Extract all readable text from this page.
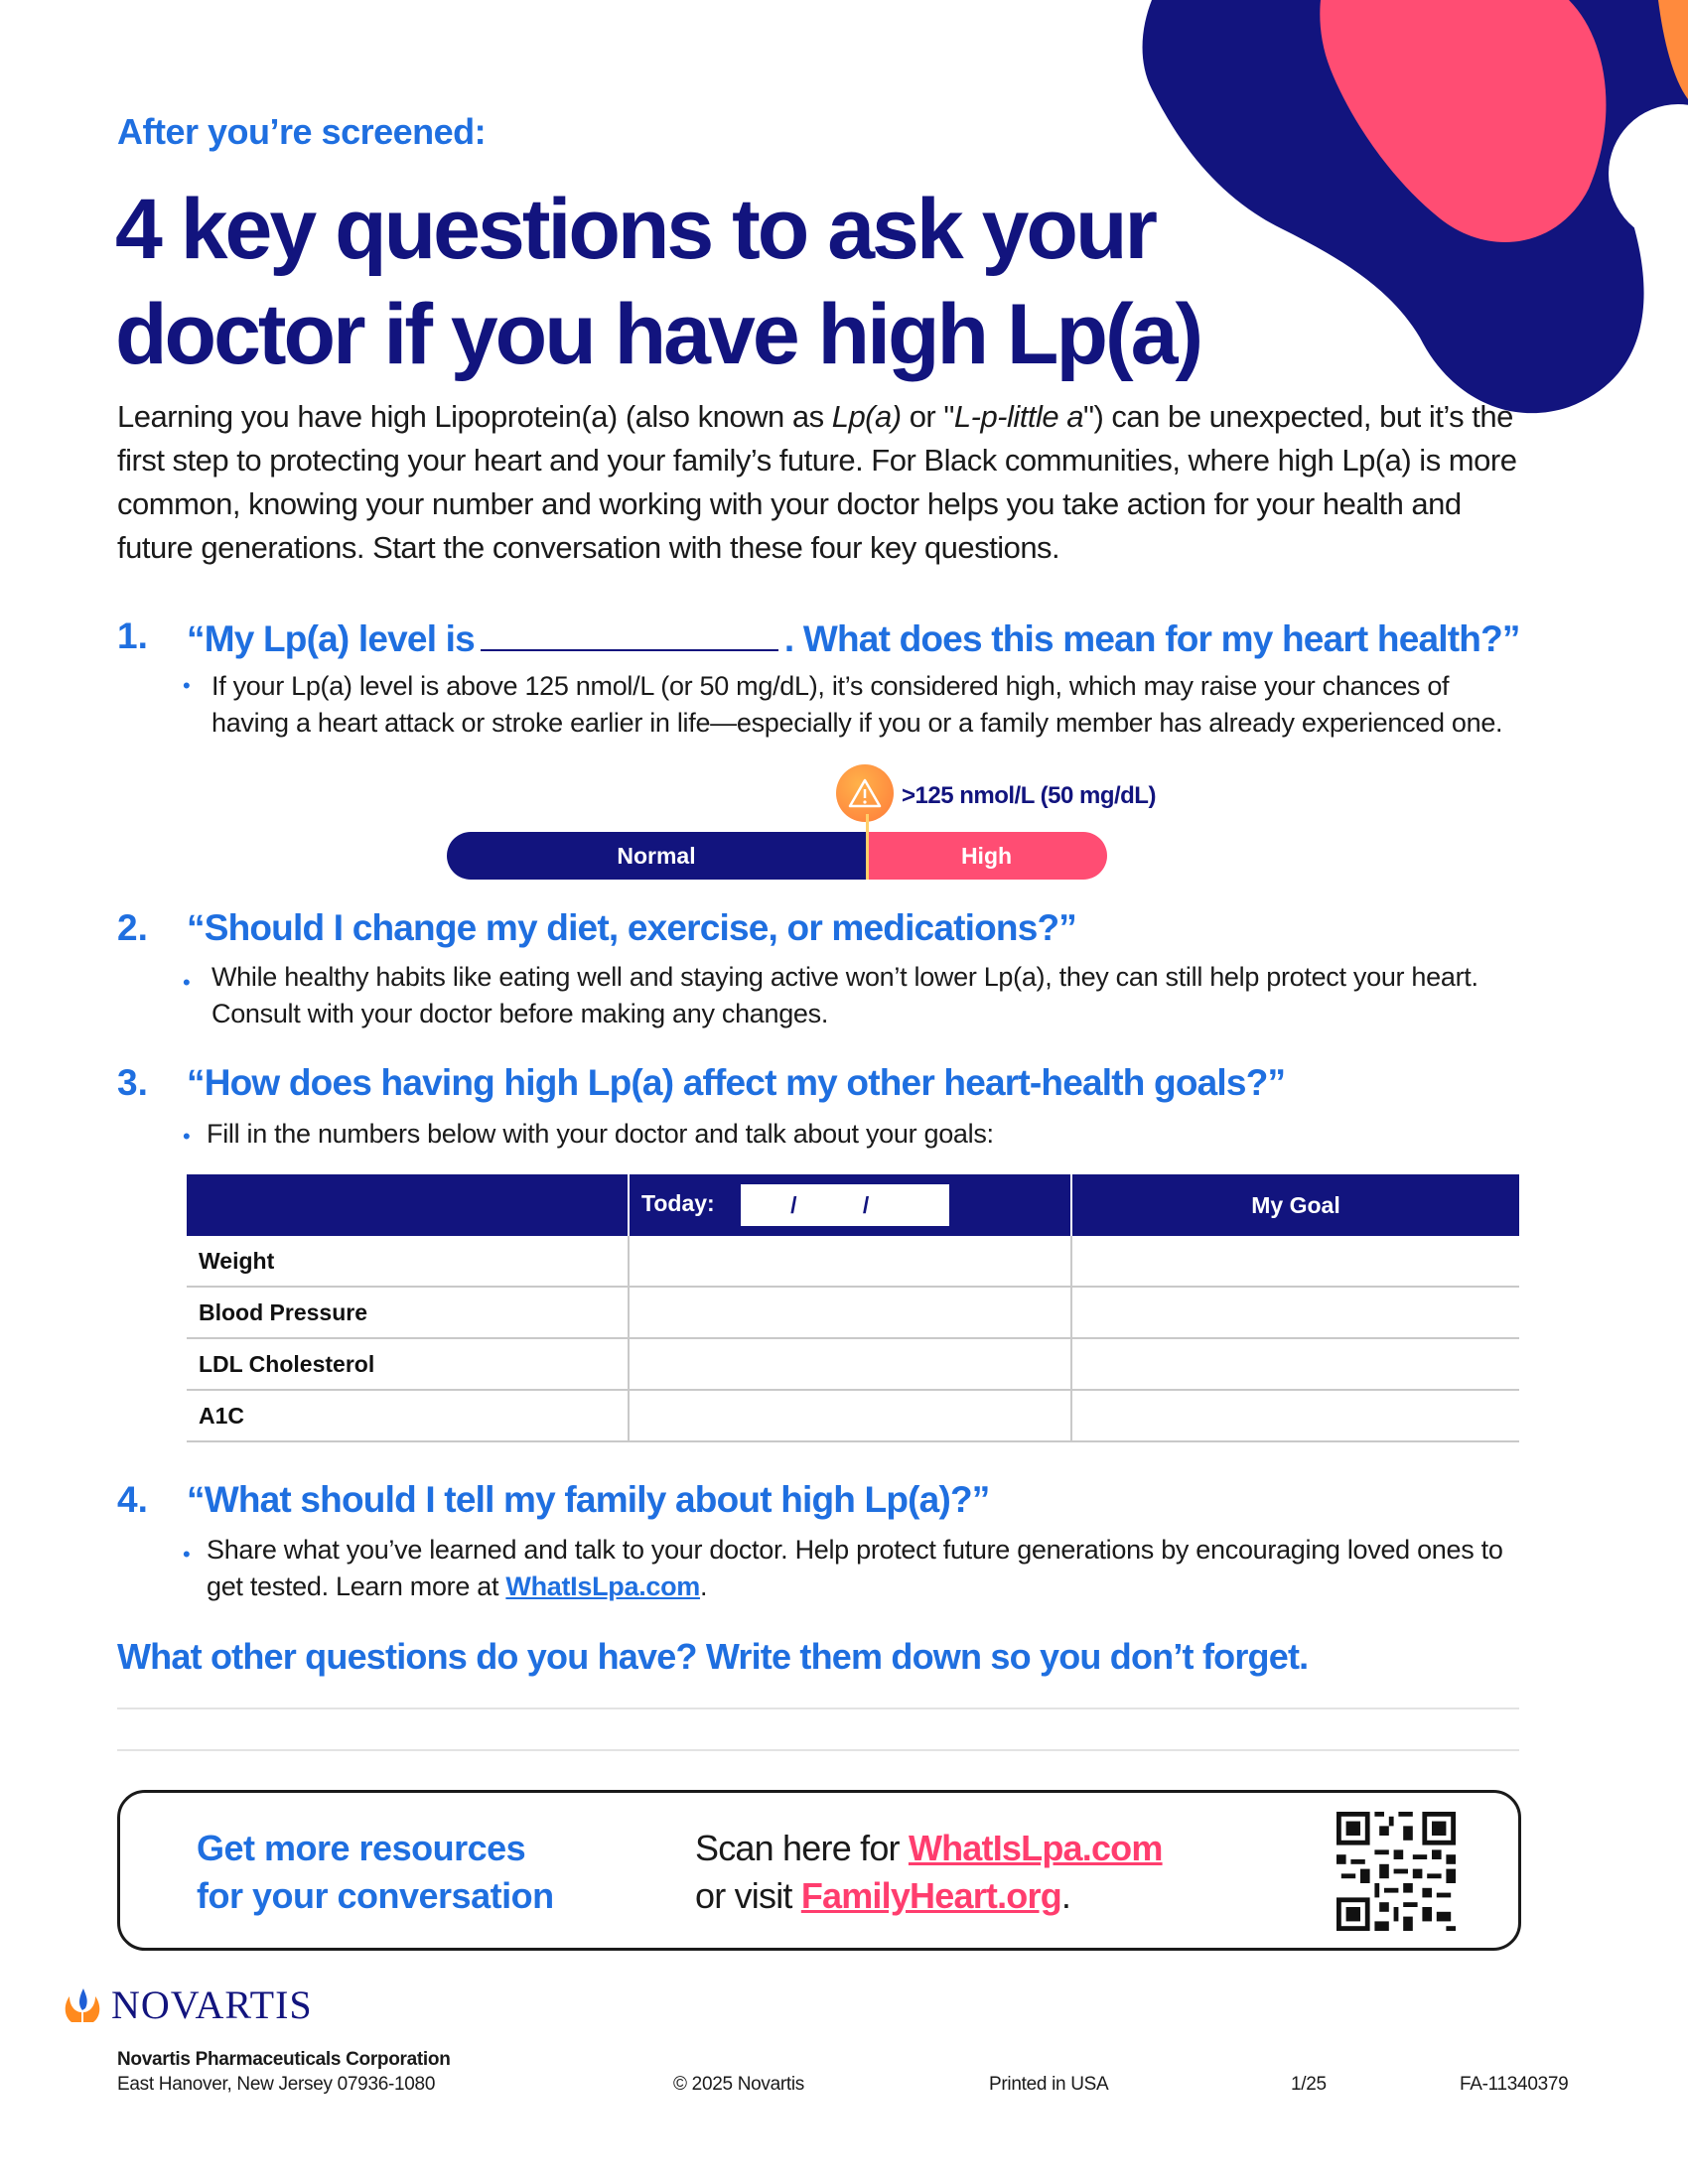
After you’re screened:
4 key questions to ask your doctor if you have high Lp(a)

Learning you have high Lipoprotein(a) (also known as Lp(a) or "L-p-little a") can be unexpected, but it’s the first step to protecting your heart and your family’s future. For Black communities, where high Lp(a) is more common, knowing your number and working with your doctor helps you take action for your health and future generations. Start the conversation with these four key questions.

1. “My Lp(a) level is	. What does this mean for my heart health?”
• If your Lp(a) level is above 125 nmol/L (or 50 mg/dL), it’s considered high, which may raise your chances of having a heart attack or stroke earlier in life—especially if you or a family member has already experienced one.
>125 nmol/L (50 mg/dL)
Normal	High
2. “Should I change my diet, exercise, or medications?”
• While healthy habits like eating well and staying active won’t lower Lp(a), they can still help protect your heart. Consult with your doctor before making any changes.
3. “How does having high Lp(a) affect my other heart-health goals?”
• Fill in the numbers below with your doctor and talk about your goals:
	Today: / /	My Goal
Weight		
Blood Pressure		
LDL Cholesterol		
A1C		
4. “What should I tell my family about high Lp(a)?”
• Share what you’ve learned and talk to your doctor. Help protect future generations by encouraging loved ones to get tested. Learn more at WhatIsLpa.com.
What other questions do you have? Write them down so you don’t forget.
Get more resources
for your conversation
Scan here for WhatIsLpa.com
or visit FamilyHeart.org.
NOVARTIS
Novartis Pharmaceuticals Corporation
East Hanover, New Jersey 07936-1080	© 2025 Novartis	Printed in USA	1/25	FA-11340379
